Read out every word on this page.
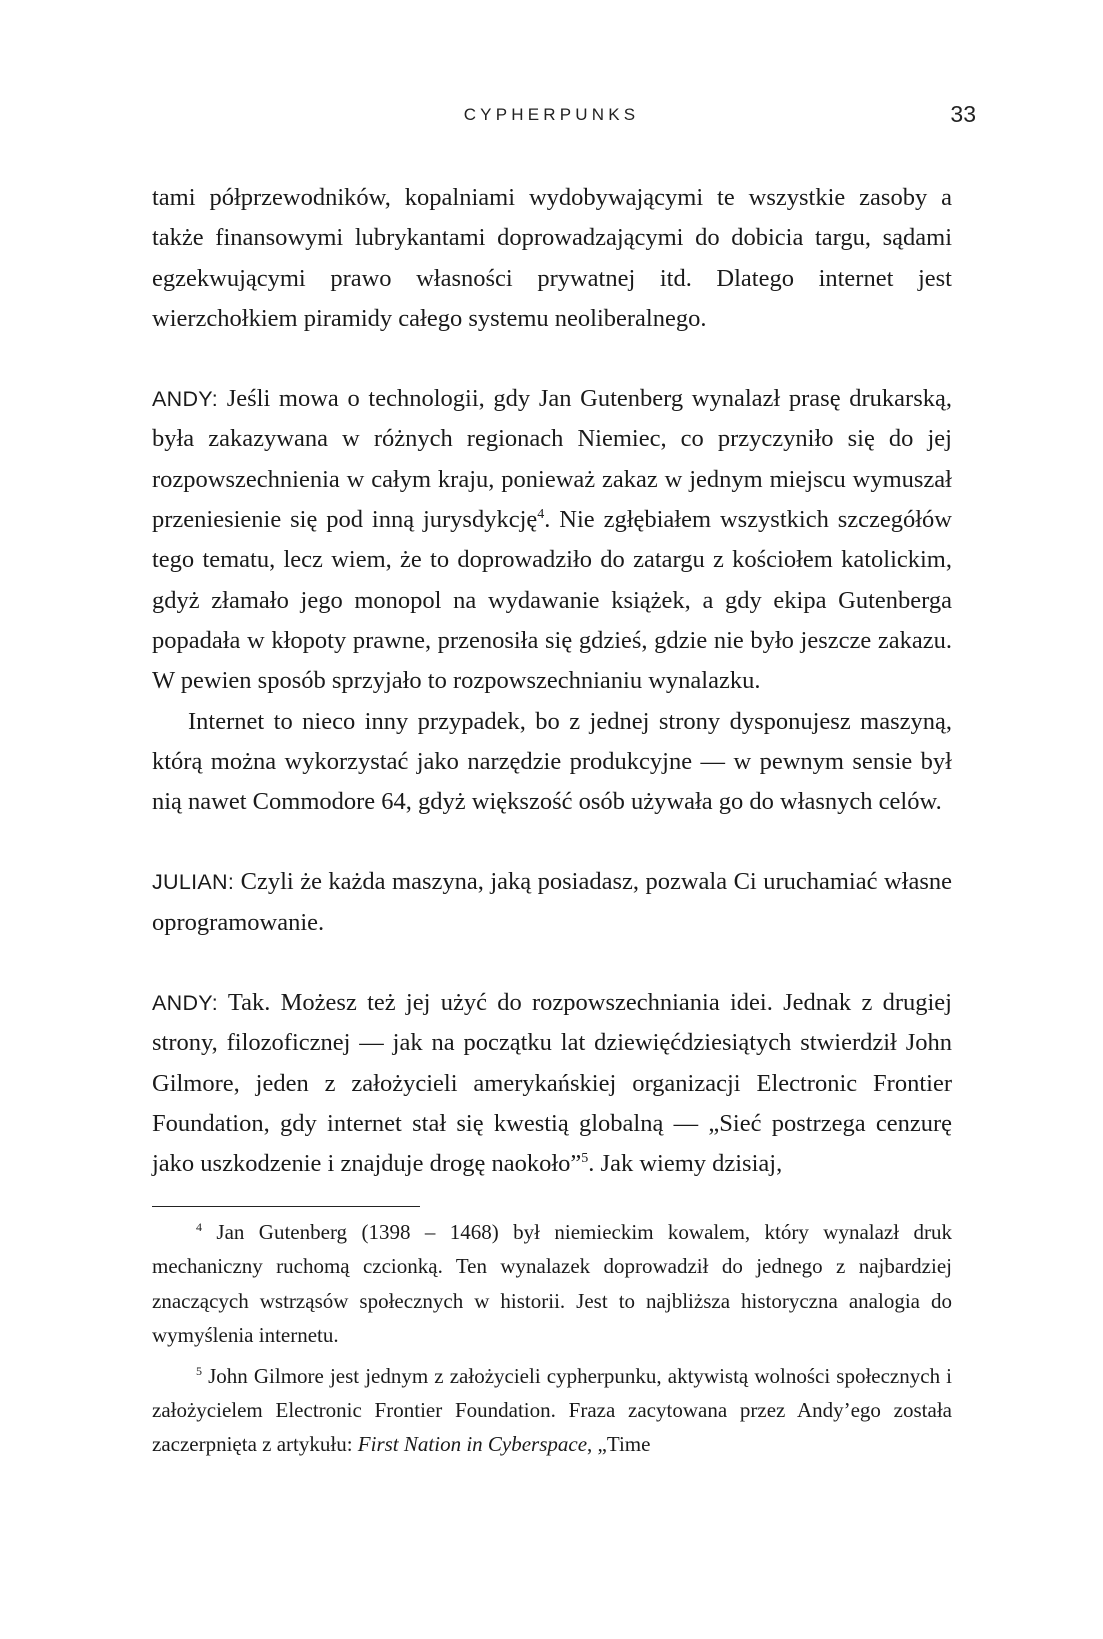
CYPHERPUNKS	33

tami półprzewodników, kopalniami wydobywającymi te wszystkie zasoby a także finansowymi lubrykantami doprowadzającymi do dobicia targu, sądami egzekwującymi prawo własności prywatnej itd. Dlatego internet jest wierzchołkiem piramidy całego systemu neoliberalnego.

ANDY: Jeśli mowa o technologii, gdy Jan Gutenberg wynalazł prasę drukarską, była zakazywana w różnych regionach Niemiec, co przyczyniło się do jej rozpowszechnienia w całym kraju, ponieważ zakaz w jednym miejscu wymuszał przeniesienie się pod inną jurysdykcję$^4$. Nie zgłębiałem wszystkich szczegółów tego tematu, lecz wiem, że to doprowadziło do zatargu z kościołem katolickim, gdyż złamało jego monopol na wydawanie książek, a gdy ekipa Gutenberga popadała w kłopoty prawne, przenosiła się gdzieś, gdzie nie było jeszcze zakazu. W pewien sposób sprzyjało to rozpowszechnianiu wynalazku.

Internet to nieco inny przypadek, bo z jednej strony dysponujesz maszyną, którą można wykorzystać jako narzędzie produkcyjne — w pewnym sensie był nią nawet Commodore 64, gdyż większość osób używała go do własnych celów.

JULIAN: Czyli że każda maszyna, jaką posiadasz, pozwala Ci uruchamiać własne oprogramowanie.

ANDY: Tak. Możesz też jej użyć do rozpowszechniania idei. Jednak z drugiej strony, filozoficznej — jak na początku lat dziewięćdziesiątych stwierdził John Gilmore, jeden z założycieli amerykańskiej organizacji Electronic Frontier Foundation, gdy internet stał się kwestią globalną — „Sieć postrzega cenzurę jako uszkodzenie i znajduje drogę naokoło”$^5$. Jak wiemy dzisiaj,

$^4$ Jan Gutenberg (1398 – 1468) był niemieckim kowalem, który wynalazł druk mechaniczny ruchomą czcionką. Ten wynalazek doprowadził do jednego z najbardziej znaczących wstrząsów społecznych w historii. Jest to najbliższa historyczna analogia do wymyślenia internetu.

$^5$ John Gilmore jest jednym z założycieli cypherpunku, aktywistą wolności społecznych i założycielem Electronic Frontier Foundation. Fraza zacytowana przez Andy’ego została zaczerpnięta z artykułu: First Nation in Cyberspace, „Time
